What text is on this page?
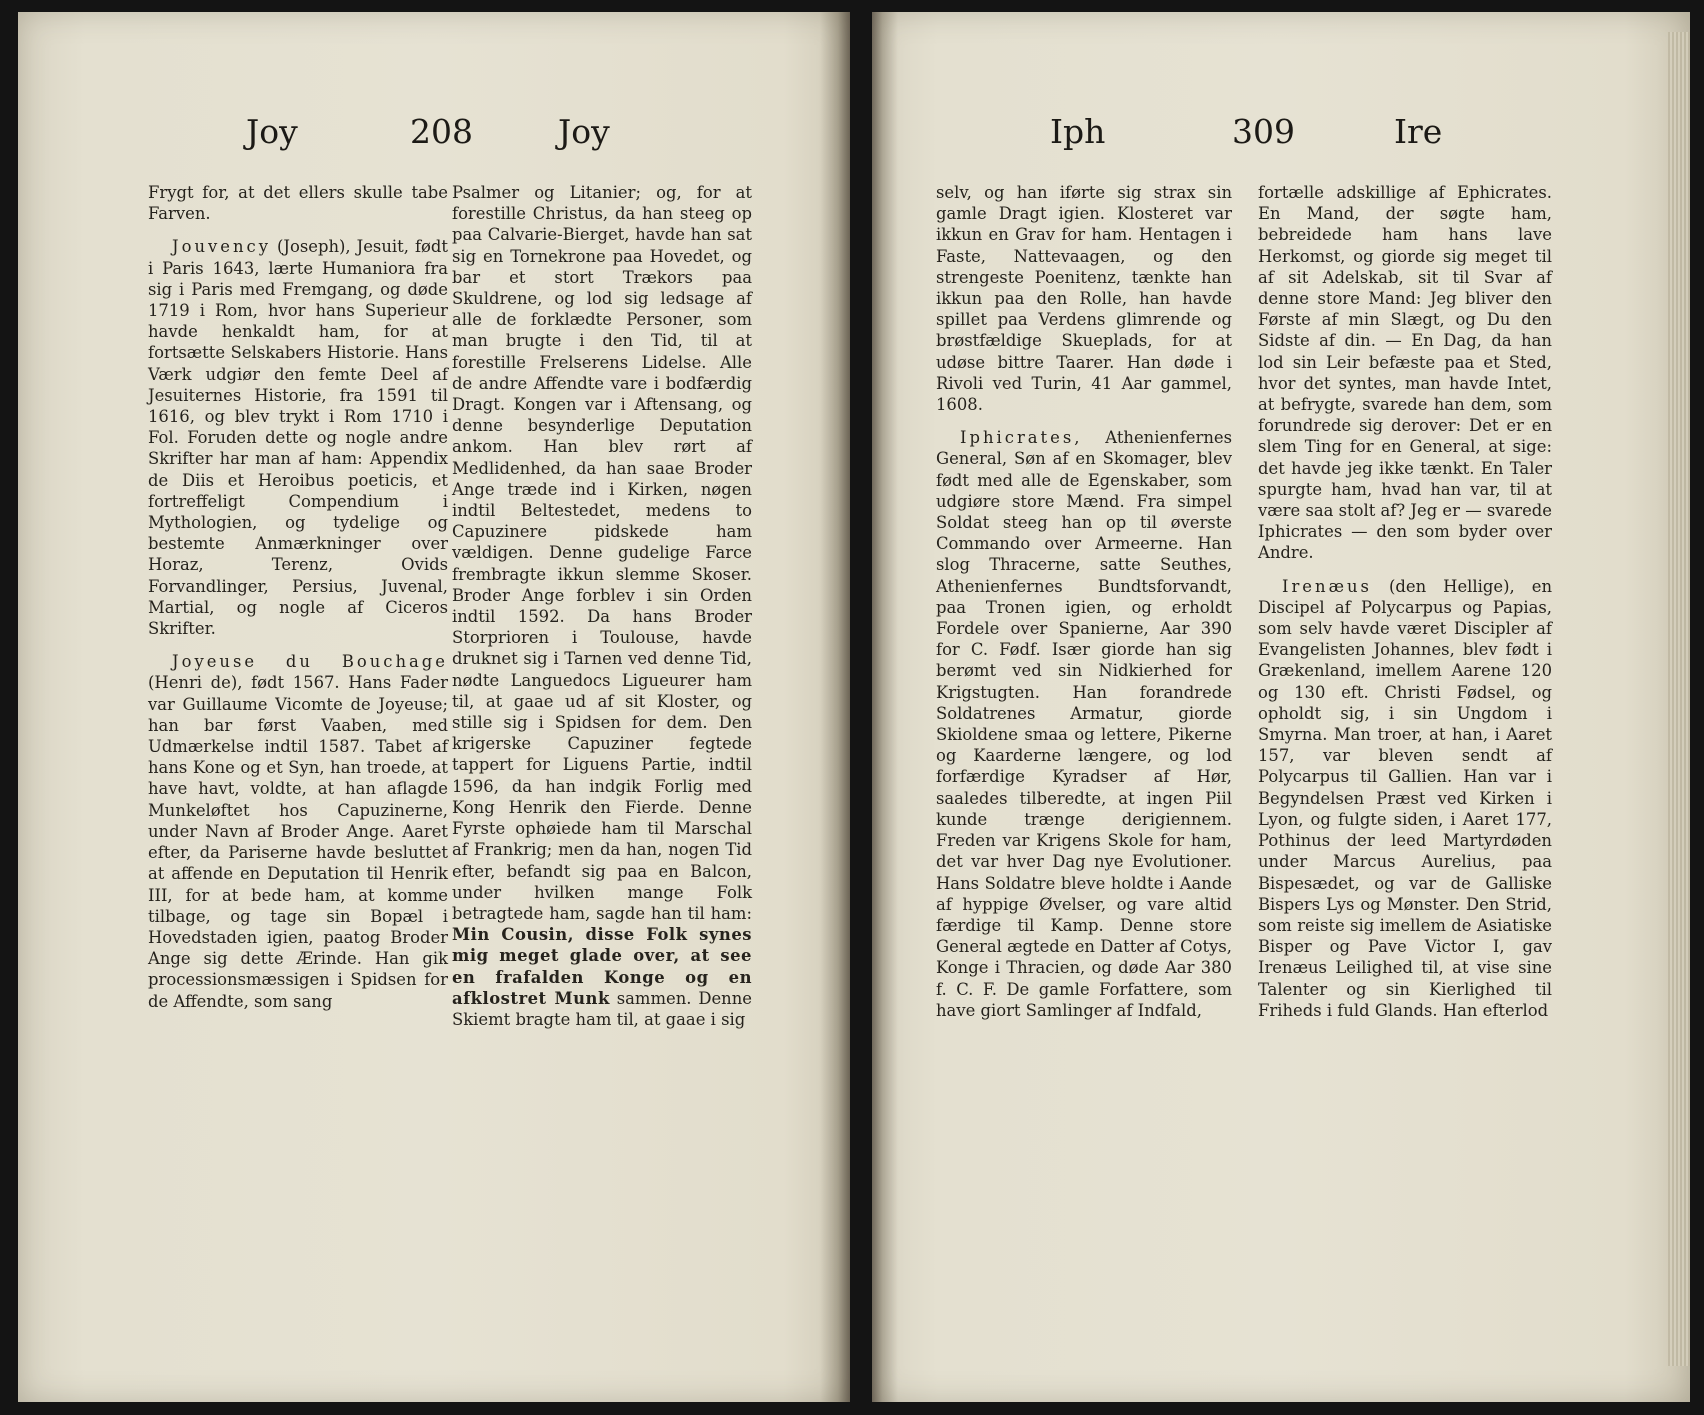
Joy	208	Joy

Frygt for, at det ellers skulle tabe Farven.

Jouvency (Joseph), Jesuit, født i Paris 1643, lærte Humaniora fra sig i Paris med Fremgang, og døde 1719 i Rom, hvor hans Superieur havde henkaldt ham, for at fortsætte Selskabers Historie. Hans Værk udgiør den femte Deel af Jesuiternes Historie, fra 1591 til 1616, og blev trykt i Rom 1710 i Fol. Foruden dette og nogle andre Skrifter har man af ham: Appendix de Diis et Heroibus poeticis, et fortreffeligt Compendium i Mythologien, og tydelige og bestemte Anmærkninger over Horaz, Terenz, Ovids Forvandlinger, Persius, Juvenal, Martial, og nogle af Ciceros Skrifter.

Joyeuse du Bouchage (Henri de), født 1567. Hans Fader var Guillaume Vicomte de Joyeuse; han bar først Vaaben, med Udmærkelse indtil 1587. Tabet af hans Kone og et Syn, han troede, at have havt, voldte, at han aflagde Munkeløftet hos Capuzinerne, under Navn af Broder Ange. Aaret efter, da Pariserne havde besluttet at affende en Deputation til Henrik III, for at bede ham, at komme tilbage, og tage sin Bopæl i Hovedstaden igien, paatog Broder Ange sig dette Ærinde. Han gik processionsmæssigen i Spidsen for de Affendte, som sang

Psalmer og Litanier; og, for at forestille Christus, da han steeg op paa Calvarie-Bierget, havde han sat sig en Tornekrone paa Hovedet, og bar et stort Trækors paa Skuldrene, og lod sig ledsage af alle de forklædte Personer, som man brugte i den Tid, til at forestille Frelserens Lidelse. Alle de andre Affendte vare i bodfærdig Dragt. Kongen var i Aftensang, og denne besynderlige Deputation ankom. Han blev rørt af Medlidenhed, da han saae Broder Ange træde ind i Kirken, nøgen indtil Beltestedet, medens to Capuzinere pidskede ham vældigen. Denne gudelige Farce frembragte ikkun slemme Skoser. Broder Ange forblev i sin Orden indtil 1592. Da hans Broder Storprioren i Toulouse, havde druknet sig i Tarnen ved denne Tid, nødte Languedocs Ligueurer ham til, at gaae ud af sit Kloster, og stille sig i Spidsen for dem. Den krigerske Capuziner fegtede tappert for Liguens Partie, indtil 1596, da han indgik Forlig med Kong Henrik den Fierde. Denne Fyrste ophøiede ham til Marschal af Frankrig; men da han, nogen Tid efter, befandt sig paa en Balcon, under hvilken mange Folk betragtede ham, sagde han til ham: Min Cousin, disse Folk synes mig meget glade over, at see en frafalden Konge og en afklostret Munk sammen. Denne Skiemt bragte ham til, at gaae i sig

Iph	309	Ire

selv, og han iførte sig strax sin gamle Dragt igien. Klosteret var ikkun en Grav for ham. Hentagen i Faste, Nattevaagen, og den strengeste Poenitenz, tænkte han ikkun paa den Rolle, han havde spillet paa Verdens glimrende og brøstfældige Skueplads, for at udøse bittre Taarer. Han døde i Rivoli ved Turin, 41 Aar gammel, 1608.

Iphicrates, Athenienfernes General, Søn af en Skomager, blev født med alle de Egenskaber, som udgiøre store Mænd. Fra simpel Soldat steeg han op til øverste Commando over Armeerne. Han slog Thracerne, satte Seuthes, Athenienfernes Bundtsforvandt, paa Tronen igien, og erholdt Fordele over Spanierne, Aar 390 for C. Fødf. Især giorde han sig berømt ved sin Nidkierhed for Krigstugten. Han forandrede Soldatrenes Armatur, giorde Skioldene smaa og lettere, Pikerne og Kaarderne længere, og lod forfærdige Kyradser af Hør, saaledes tilberedte, at ingen Piil kunde trænge derigiennem. Freden var Krigens Skole for ham, det var hver Dag nye Evolutioner. Hans Soldatre bleve holdte i Aande af hyppige Øvelser, og vare altid færdige til Kamp. Denne store General ægtede en Datter af Cotys, Konge i Thracien, og døde Aar 380 f. C. F. De gamle Forfattere, som have giort Samlinger af Indfald,

fortælle adskillige af Ephicrates. En Mand, der søgte ham, bebreidede ham hans lave Herkomst, og giorde sig meget til af sit Adelskab, sit til Svar af denne store Mand: Jeg bliver den Første af min Slægt, og Du den Sidste af din. — En Dag, da han lod sin Leir befæste paa et Sted, hvor det syntes, man havde Intet, at befrygte, svarede han dem, som forundrede sig derover: Det er en slem Ting for en General, at sige: det havde jeg ikke tænkt. En Taler spurgte ham, hvad han var, til at være saa stolt af? Jeg er — svarede Iphicrates — den som byder over Andre.

Irenæus (den Hellige), en Discipel af Polycarpus og Papias, som selv havde været Discipler af Evangelisten Johannes, blev født i Grækenland, imellem Aarene 120 og 130 eft. Christi Fødsel, og opholdt sig, i sin Ungdom i Smyrna. Man troer, at han, i Aaret 157, var bleven sendt af Polycarpus til Gallien. Han var i Begyndelsen Præst ved Kirken i Lyon, og fulgte siden, i Aaret 177, Pothinus der leed Martyrdøden under Marcus Aurelius, paa Bispesædet, og var de Galliske Bispers Lys og Mønster. Den Strid, som reiste sig imellem de Asiatiske Bisper og Pave Victor I, gav Irenæus Leilighed til, at vise sine Talenter og sin Kierlighed til Friheds i fuld Glands. Han efterlod
